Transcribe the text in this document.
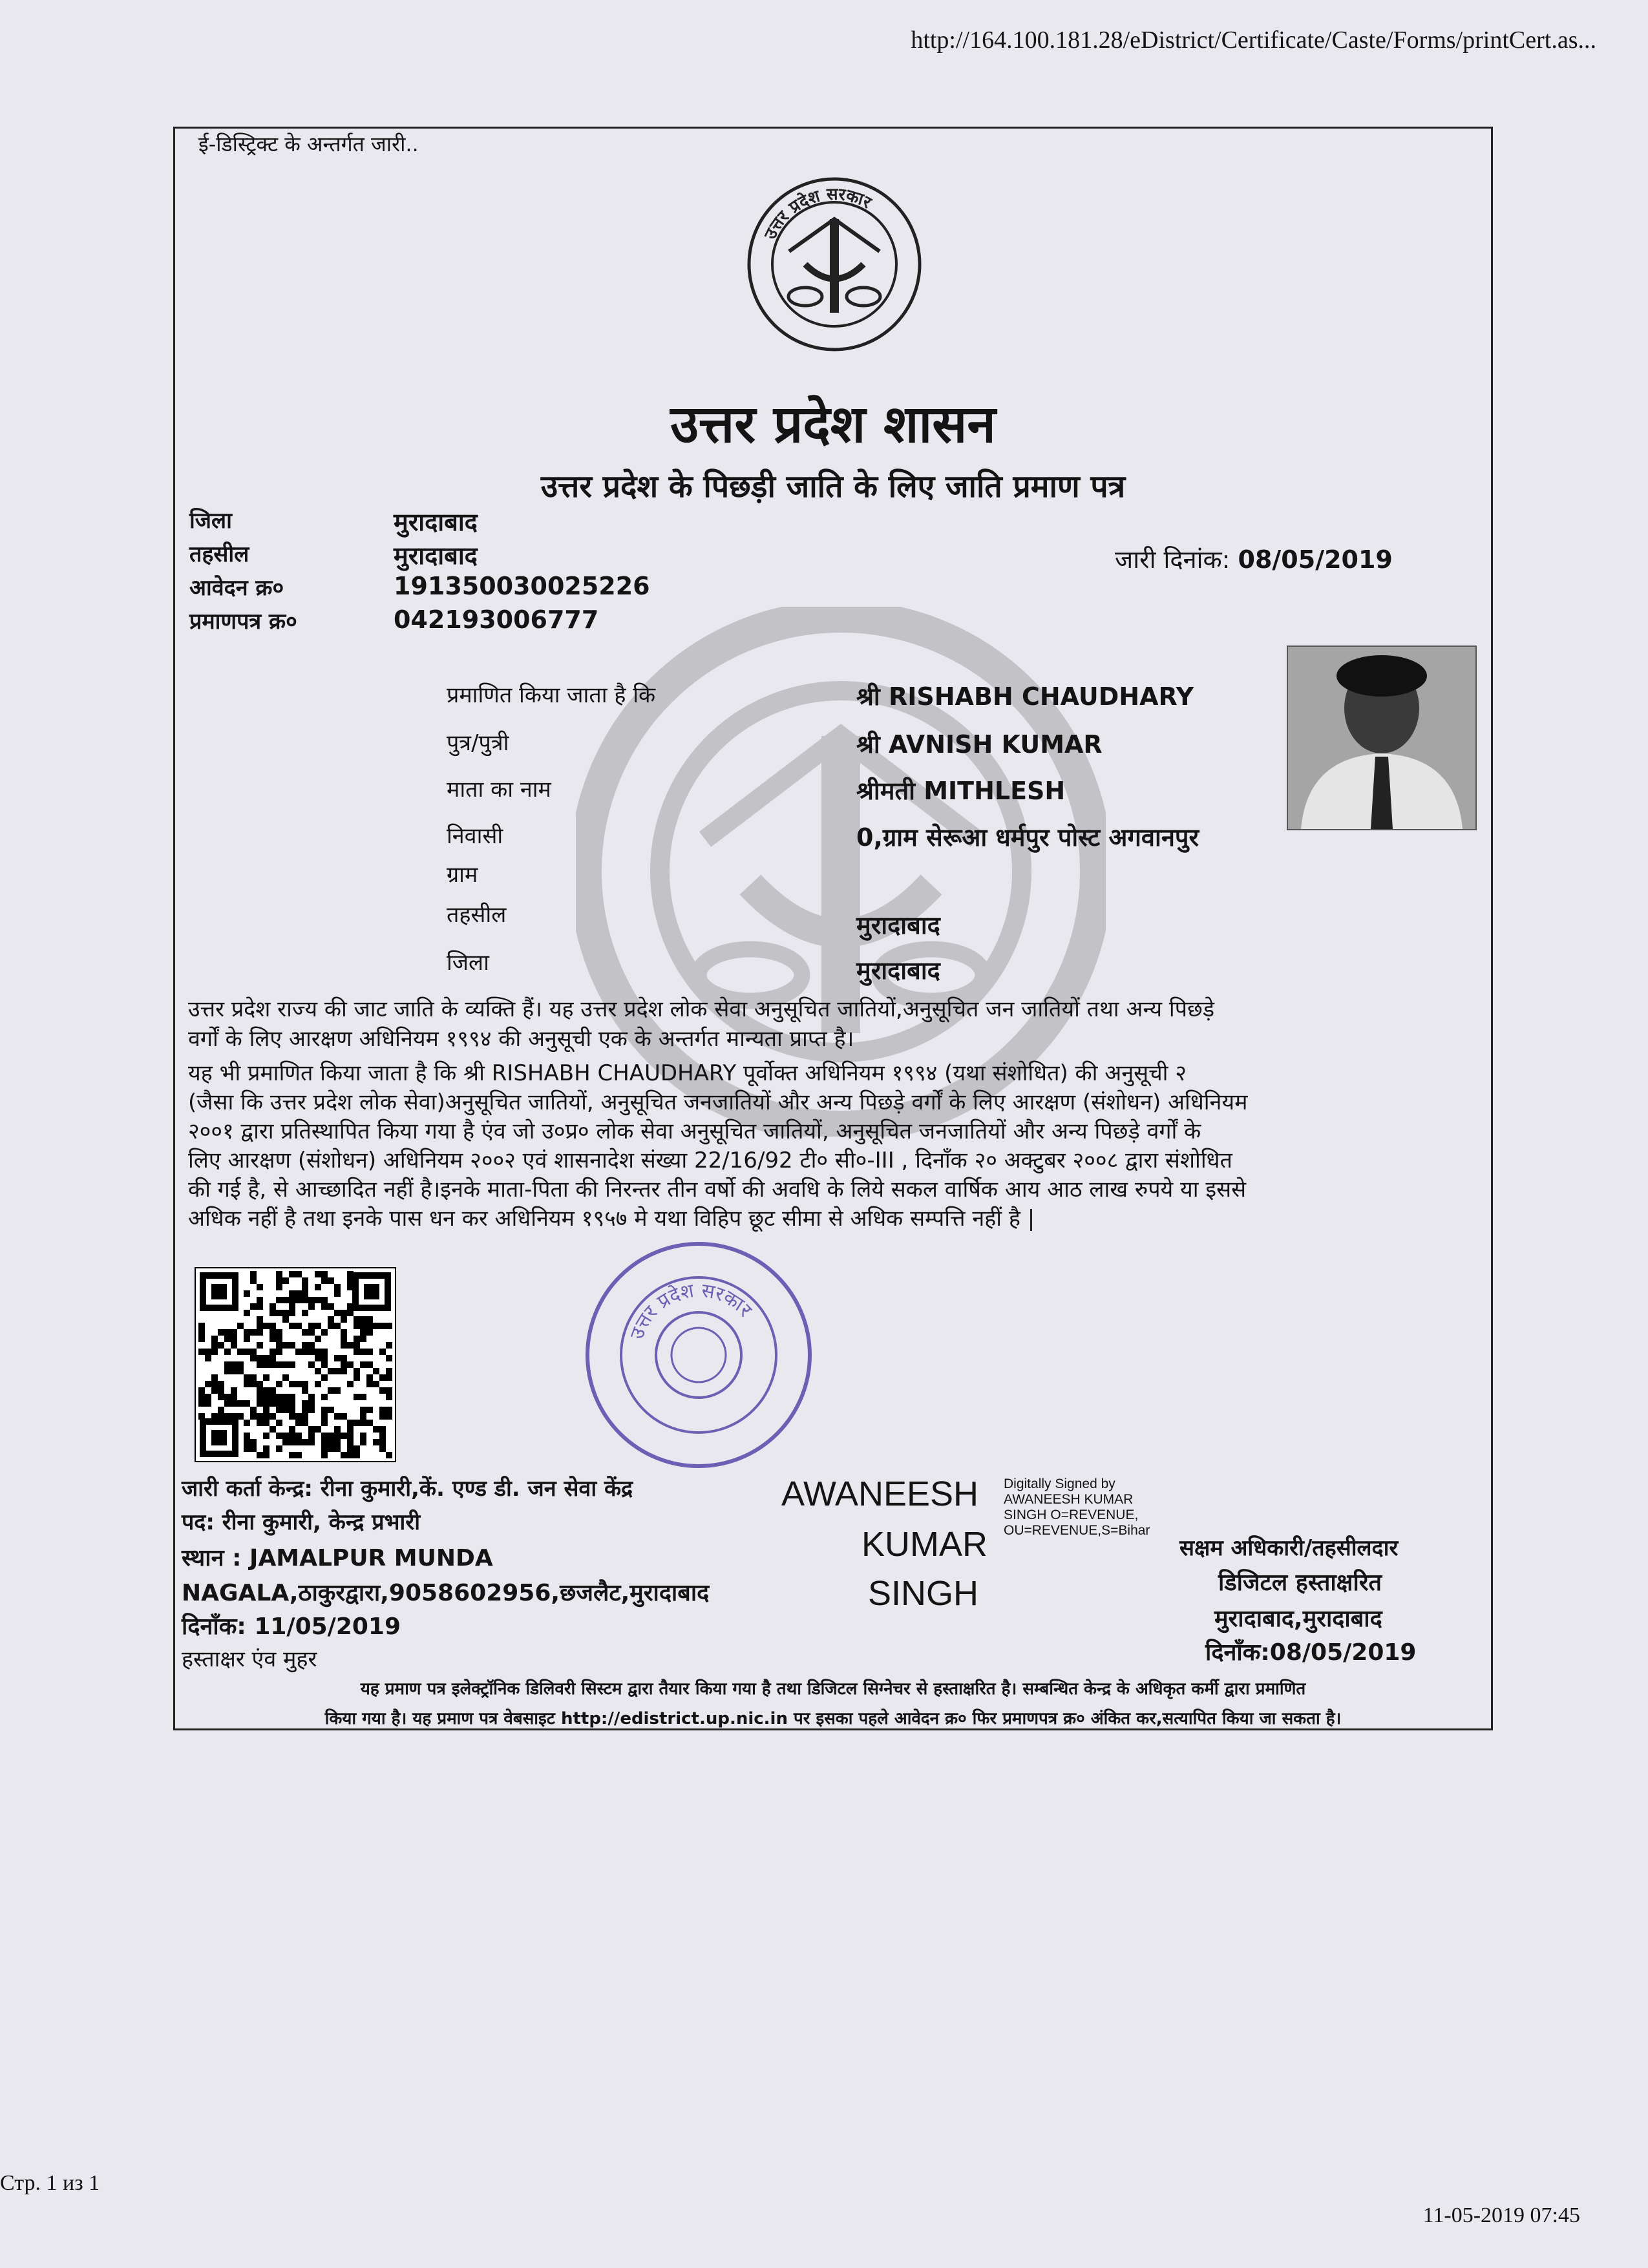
http://164.100.181.28/eDistrict/Certificate/Caste/Forms/printCert.as...
ई-डिस्ट्रिक्ट के अन्तर्गत जारी..
उत्तर प्रदेश सरकार
उत्तर प्रदेश शासन
उत्तर प्रदेश के पिछड़ी जाति के लिए जाति प्रमाण पत्र
जिला	मुरादाबाद
तहसील	मुरादाबाद
आवेदन क्र०	191350030025226
प्रमाणपत्र क्र०	042193006777
जारी दिनांक: 08/05/2019
प्रमाणित किया जाता है कि	श्री RISHABH CHAUDHARY
पुत्र/पुत्री	श्री AVNISH KUMAR
माता का नाम	श्रीमती MITHLESH
निवासी	0,ग्राम सेरूआ धर्मपुर पोस्ट अगवानपुर
ग्राम
तहसील	मुरादाबाद
जिला	मुरादाबाद
उत्तर प्रदेश राज्य की जाट जाति के व्यक्ति हैं। यह उत्तर प्रदेश लोक सेवा अनुसूचित जातियों,अनुसूचित जन जातियों तथा अन्य पिछड़े
वर्गों के लिए आरक्षण अधिनियम १९९४ की अनुसूची एक के अन्तर्गत मान्यता प्राप्त है।
यह भी प्रमाणित किया जाता है कि श्री RISHABH CHAUDHARY पूर्वोक्त अधिनियम १९९४ (यथा संशोधित) की अनुसूची २
(जैसा कि उत्तर प्रदेश लोक सेवा)अनुसूचित जातियों, अनुसूचित जनजातियों और अन्य पिछड़े वर्गों के लिए आरक्षण (संशोधन) अधिनियम
२००१ द्वारा प्रतिस्थापित किया गया है एंव जो उ०प्र० लोक सेवा अनुसूचित जातियों, अनुसूचित जनजातियों और अन्य पिछड़े वर्गों के
लिए आरक्षण (संशोधन) अधिनियम २००२ एवं शासनादेश संख्या 22/16/92 टी० सी०-III , दिनाँक २० अक्टुबर २००८ द्वारा संशोधित
की गई है, से आच्छादित नहीं है।इनके माता-पिता की निरन्तर तीन वर्षो की अवधि के लिये सकल वार्षिक आय आठ लाख रुपये या इससे
अधिक नहीं है तथा इनके पास धन कर अधिनियम १९५७ मे यथा विहिप छूट सीमा से अधिक सम्पत्ति नहीं है |
उत्तर प्रदेश सरकार
जारी कर्ता केन्द्र: रीना कुमारी,कें. एण्ड डी. जन सेवा केंद्र
पद: रीना कुमारी, केन्द्र प्रभारी
स्थान : JAMALPUR MUNDA
NAGALA,ठाकुरद्वारा,9058602956,छजलैट,मुरादाबाद
दिनाँक: 11/05/2019
हस्ताक्षर एंव मुहर
AWANEESH
KUMAR
SINGH
Digitally Signed by
AWANEESH KUMAR
SINGH O=REVENUE,
OU=REVENUE,S=Bihar
सक्षम अधिकारी/तहसीलदार
डिजिटल हस्ताक्षरित
मुरादाबाद,मुरादाबाद
दिनाँक:08/05/2019
यह प्रमाण पत्र इलेक्ट्रॉनिक डिलिवरी सिस्टम द्वारा तैयार किया गया है तथा डिजिटल सिग्नेचर से हस्ताक्षरित है। सम्बन्धित केन्द्र के अधिकृत कर्मी द्वारा प्रमाणित
किया गया है। यह प्रमाण पत्र वेबसाइट http://edistrict.up.nic.in पर इसका पहले आवेदन क्र० फिर प्रमाणपत्र क्र० अंकित कर,सत्यापित किया जा सकता है।
Стр. 1 из 1
11-05-2019 07:45
